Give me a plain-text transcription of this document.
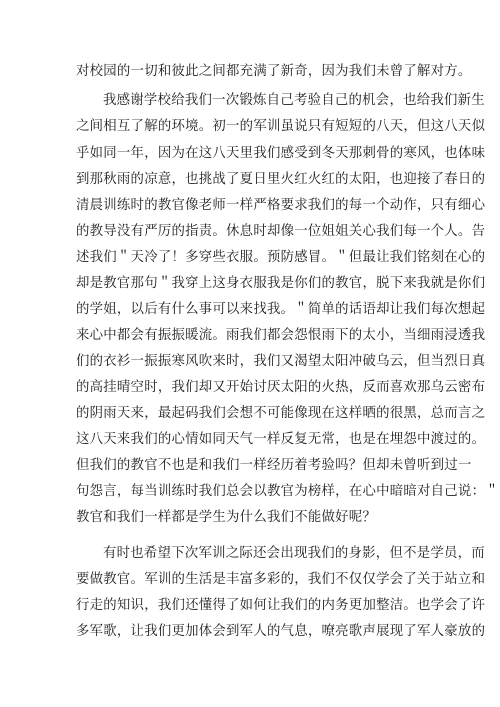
对校园的一切和彼此之间都充满了新奇，因为我们未曾了解对方。
我感谢学校给我们一次锻炼自己考验自己的机会，也给我们新生
之间相互了解的环境。初一的军训虽说只有短短的八天，但这八天似
乎如同一年，因为在这八天里我们感受到冬天那刺骨的寒风，也体味
到那秋雨的凉意，也挑战了夏日里火红火红的太阳，也迎接了春日的
清晨训练时的教官像老师一样严格要求我们的每一个动作，只有细心
的教导没有严厉的指责。休息时却像一位姐姐关心我们每一个人。告
述我们＂天冷了！多穿些衣服。预防感冒。＂但最让我们铭刻在心的
却是教官那句＂我穿上这身衣服我是你们的教官，脱下来我就是你们
的学姐，以后有什么事可以来找我。＂简单的话语却让我们每次想起
来心中都会有振振暖流。雨我们都会怨恨雨下的太小，当细雨浸透我
们的衣衫一振振寒风吹来时，我们又渴望太阳冲破乌云，但当烈日真
的高挂晴空时，我们却又开始讨厌太阳的火热，反而喜欢那乌云密布
的阴雨天来，最起码我们会想不可能像现在这样晒的很黑，总而言之
这八天来我们的心情如同天气一样反复无常，也是在埋怨中渡过的。
但我们的教官不也是和我们一样经历着考验吗？但却未曾听到过一
句怨言，每当训练时我们总会以教官为榜样，在心中暗暗对自己说：＂
教官和我们一样都是学生为什么我们不能做好呢？
有时也希望下次军训之际还会出现我们的身影，但不是学员，而
要做教官。军训的生活是丰富多彩的，我们不仅仅学会了关于站立和
行走的知识，我们还懂得了如何让我们的内务更加整洁。也学会了许
多军歌，让我们更加体会到军人的气息，嘹亮歌声展现了军人豪放的
